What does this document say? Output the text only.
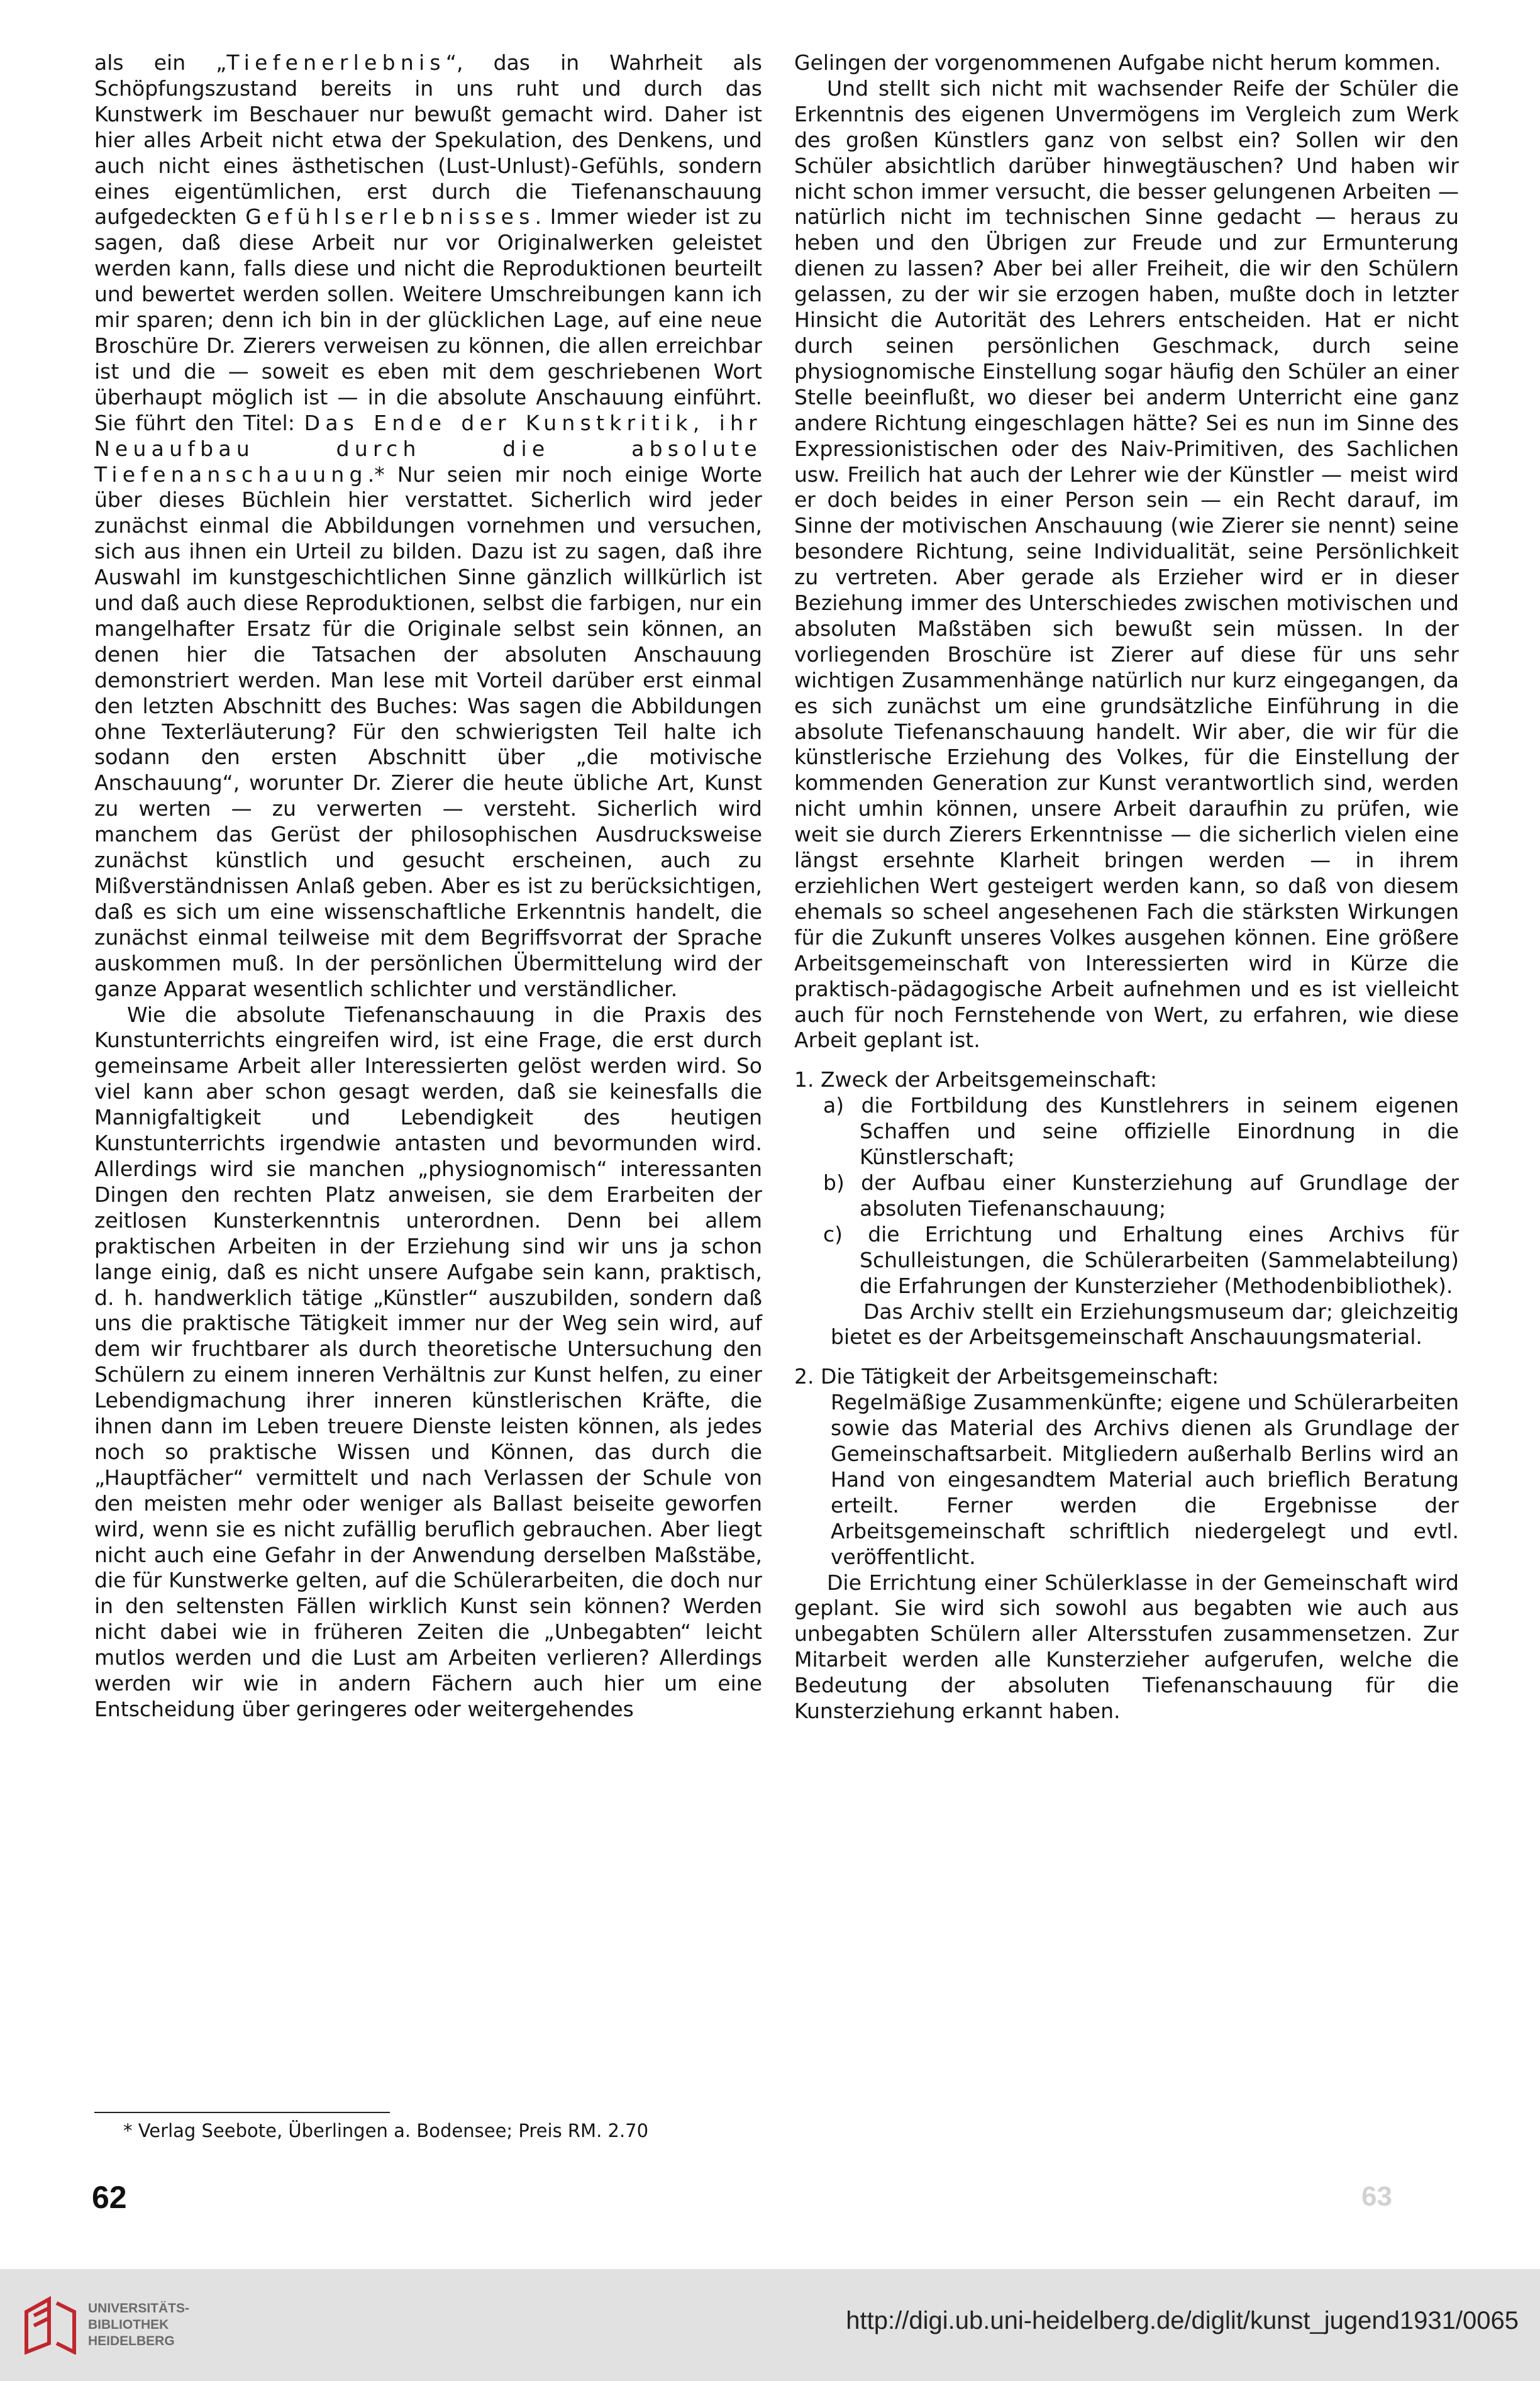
als ein „Tiefenerlebnis“, das in Wahrheit als Schöpfungszustand bereits in uns ruht und durch das Kunstwerk im Beschauer nur bewußt gemacht wird. Daher ist hier alles Arbeit nicht etwa der Spekulation, des Denkens, und auch nicht eines ästhetischen (Lust-Unlust)-Gefühls, sondern eines eigentümlichen, erst durch die Tiefenanschauung aufgedeckten Gefühlserlebnisses. Immer wieder ist zu sagen, daß diese Arbeit nur vor Originalwerken geleistet werden kann, falls diese und nicht die Reproduktionen beurteilt und bewertet werden sollen. Weitere Umschreibungen kann ich mir sparen; denn ich bin in der glücklichen Lage, auf eine neue Broschüre Dr. Zierers verweisen zu können, die allen erreichbar ist und die — soweit es eben mit dem geschriebenen Wort überhaupt möglich ist — in die absolute Anschauung einführt. Sie führt den Titel: Das Ende der Kunstkritik, ihr Neuaufbau durch die absolute Tiefenanschauung.* Nur seien mir noch einige Worte über dieses Büchlein hier verstattet. Sicherlich wird jeder zunächst einmal die Abbildungen vornehmen und versuchen, sich aus ihnen ein Urteil zu bilden. Dazu ist zu sagen, daß ihre Auswahl im kunstgeschichtlichen Sinne gänzlich willkürlich ist und daß auch diese Reproduktionen, selbst die farbigen, nur ein mangelhafter Ersatz für die Originale selbst sein können, an denen hier die Tatsachen der absoluten Anschauung demonstriert werden. Man lese mit Vorteil darüber erst einmal den letzten Abschnitt des Buches: Was sagen die Abbildungen ohne Texterläuterung? Für den schwierigsten Teil halte ich sodann den ersten Abschnitt über „die motivische Anschauung“, worunter Dr. Zierer die heute übliche Art, Kunst zu werten — zu verwerten — versteht. Sicherlich wird manchem das Gerüst der philosophischen Ausdrucksweise zunächst künstlich und gesucht erscheinen, auch zu Mißverständnissen Anlaß geben. Aber es ist zu berücksichtigen, daß es sich um eine wissenschaftliche Erkenntnis handelt, die zunächst einmal teilweise mit dem Begriffsvorrat der Sprache auskommen muß. In der persönlichen Übermittelung wird der ganze Apparat wesentlich schlichter und verständlicher.

Wie die absolute Tiefenanschauung in die Praxis des Kunstunterrichts eingreifen wird, ist eine Frage, die erst durch gemeinsame Arbeit aller Interessierten gelöst werden wird. So viel kann aber schon gesagt werden, daß sie keinesfalls die Mannigfaltigkeit und Lebendigkeit des heutigen Kunstunterrichts irgendwie antasten und bevormunden wird. Allerdings wird sie manchen „physiognomisch“ interessanten Dingen den rechten Platz anweisen, sie dem Erarbeiten der zeitlosen Kunsterkenntnis unterordnen. Denn bei allem praktischen Arbeiten in der Erziehung sind wir uns ja schon lange einig, daß es nicht unsere Aufgabe sein kann, praktisch, d. h. handwerklich tätige „Künstler“ auszubilden, sondern daß uns die praktische Tätigkeit immer nur der Weg sein wird, auf dem wir fruchtbarer als durch theoretische Untersuchung den Schülern zu einem inneren Verhältnis zur Kunst helfen, zu einer Lebendigmachung ihrer inneren künstlerischen Kräfte, die ihnen dann im Leben treuere Dienste leisten können, als jedes noch so praktische Wissen und Können, das durch die „Hauptfächer“ vermittelt und nach Verlassen der Schule von den meisten mehr oder weniger als Ballast beiseite geworfen wird, wenn sie es nicht zufällig beruflich gebrauchen. Aber liegt nicht auch eine Gefahr in der Anwendung derselben Maßstäbe, die für Kunstwerke gelten, auf die Schülerarbeiten, die doch nur in den seltensten Fällen wirklich Kunst sein können? Werden nicht dabei wie in früheren Zeiten die „Unbegabten“ leicht mutlos werden und die Lust am Arbeiten verlieren? Allerdings werden wir wie in andern Fächern auch hier um eine Entscheidung über geringeres oder weitergehendes

Gelingen der vorgenommenen Aufgabe nicht herum kommen.

Und stellt sich nicht mit wachsender Reife der Schüler die Erkenntnis des eigenen Unvermögens im Vergleich zum Werk des großen Künstlers ganz von selbst ein? Sollen wir den Schüler absichtlich darüber hinwegtäuschen? Und haben wir nicht schon immer versucht, die besser gelungenen Arbeiten — natürlich nicht im technischen Sinne gedacht — heraus zu heben und den Übrigen zur Freude und zur Ermunterung dienen zu lassen? Aber bei aller Freiheit, die wir den Schülern gelassen, zu der wir sie erzogen haben, mußte doch in letzter Hinsicht die Autorität des Lehrers entscheiden. Hat er nicht durch seinen persönlichen Geschmack, durch seine physiognomische Einstellung sogar häufig den Schüler an einer Stelle beeinflußt, wo dieser bei anderm Unterricht eine ganz andere Richtung eingeschlagen hätte? Sei es nun im Sinne des Expressionistischen oder des Naiv-Primitiven, des Sachlichen usw. Freilich hat auch der Lehrer wie der Künstler — meist wird er doch beides in einer Person sein — ein Recht darauf, im Sinne der motivischen Anschauung (wie Zierer sie nennt) seine besondere Richtung, seine Individualität, seine Persönlichkeit zu vertreten. Aber gerade als Erzieher wird er in dieser Beziehung immer des Unterschiedes zwischen motivischen und absoluten Maßstäben sich bewußt sein müssen. In der vorliegenden Broschüre ist Zierer auf diese für uns sehr wichtigen Zusammenhänge natürlich nur kurz eingegangen, da es sich zunächst um eine grundsätzliche Einführung in die absolute Tiefenanschauung handelt. Wir aber, die wir für die künstlerische Erziehung des Volkes, für die Einstellung der kommenden Generation zur Kunst verantwortlich sind, werden nicht umhin können, unsere Arbeit daraufhin zu prüfen, wie weit sie durch Zierers Erkenntnisse — die sicherlich vielen eine längst ersehnte Klarheit bringen werden — in ihrem erziehlichen Wert gesteigert werden kann, so daß von diesem ehemals so scheel angesehenen Fach die stärksten Wirkungen für die Zukunft unseres Volkes ausgehen können. Eine größere Arbeitsgemeinschaft von Interessierten wird in Kürze die praktisch-pädagogische Arbeit aufnehmen und es ist vielleicht auch für noch Fernstehende von Wert, zu erfahren, wie diese Arbeit geplant ist.

1. Zweck der Arbeitsgemeinschaft:

a) die Fortbildung des Kunstlehrers in seinem eigenen Schaffen und seine offizielle Einordnung in die Künstlerschaft;

b) der Aufbau einer Kunsterziehung auf Grundlage der absoluten Tiefenanschauung;

c) die Errichtung und Erhaltung eines Archivs für Schulleistungen, die Schülerarbeiten (Sammelabteilung) die Erfahrungen der Kunsterzieher (Methodenbibliothek).

Das Archiv stellt ein Erziehungsmuseum dar; gleichzeitig bietet es der Arbeitsgemeinschaft Anschauungsmaterial.

2. Die Tätigkeit der Arbeitsgemeinschaft:

Regelmäßige Zusammenkünfte; eigene und Schülerarbeiten sowie das Material des Archivs dienen als Grundlage der Gemeinschaftsarbeit. Mitgliedern außerhalb Berlins wird an Hand von eingesandtem Material auch brieflich Beratung erteilt. Ferner werden die Ergebnisse der Arbeitsgemeinschaft schriftlich niedergelegt und evtl. veröffentlicht.

Die Errichtung einer Schülerklasse in der Gemeinschaft wird geplant. Sie wird sich sowohl aus begabten wie auch aus unbegabten Schülern aller Altersstufen zusammensetzen. Zur Mitarbeit werden alle Kunsterzieher aufgerufen, welche die Bedeutung der absoluten Tiefenanschauung für die Kunsterziehung erkannt haben.

* Verlag Seebote, Überlingen a. Bodensee; Preis RM. 2.70
62	63
UNIVERSITÄTS-
BIBLIOTHEK
HEIDELBERG
http://digi.ub.uni-heidelberg.de/diglit/kunst_jugend1931/0065
